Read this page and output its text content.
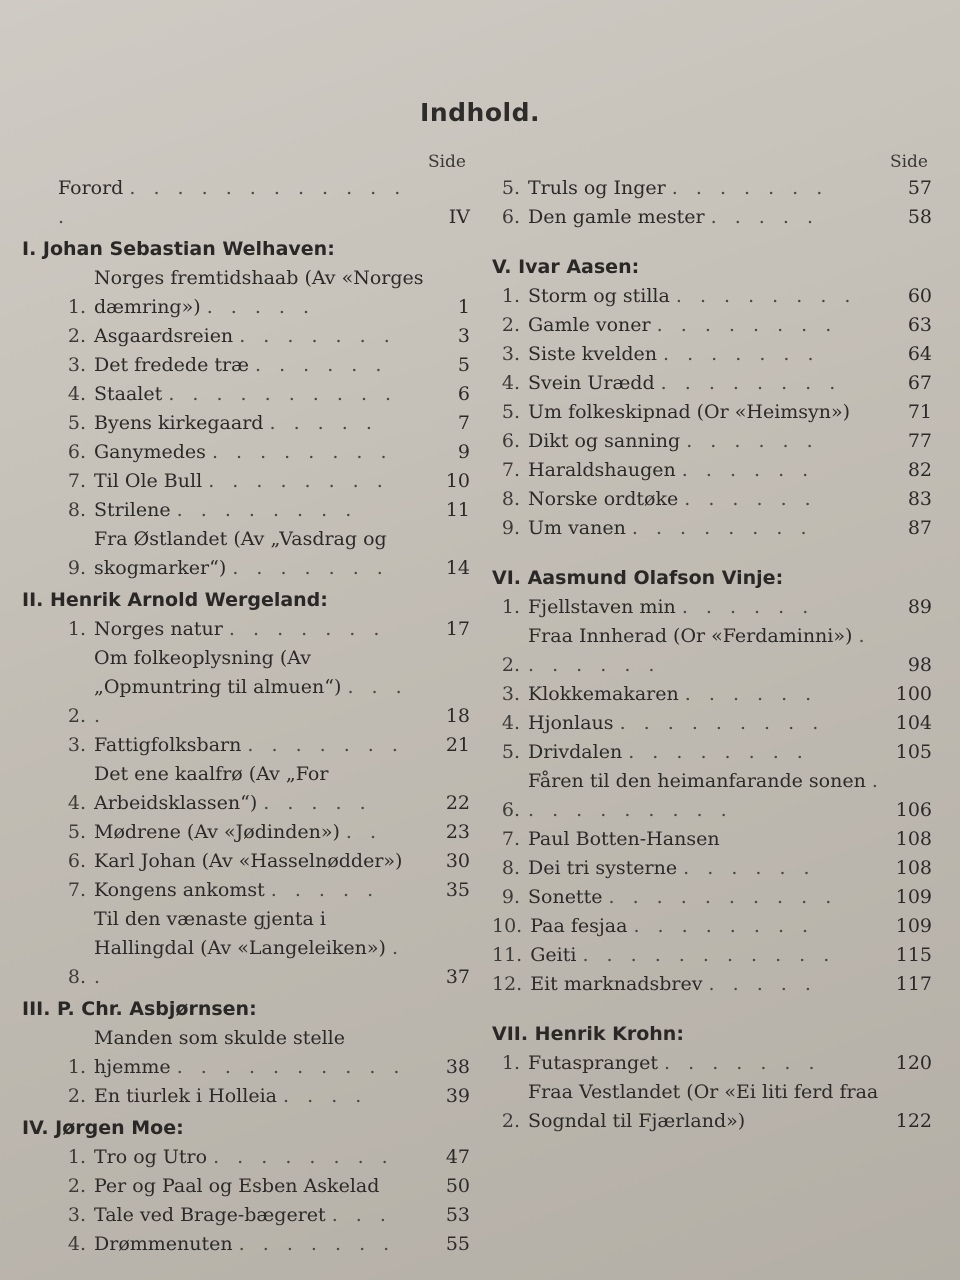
Indhold.
Side
Forord . . . . . . . . . . . . .	IV
I. Johan Sebastian Welhaven:
1.
Norges fremtidshaab (Av «Norges dæmring») . . . . .	1
2. Asgaardsreien . . . . . . .	3
3. Det fredede træ . . . . . .	5
4. Staalet . . . . . . . . . .	6
5. Byens kirkegaard . . . . .	7
6. Ganymedes . . . . . . . .	9
7. Til Ole Bull . . . . . . . .	10
8. Strilene . . . . . . . .	11
9.
Fra Østlandet (Av „Vasdrag og skogmarker“) . . . . . . .	14
II. Henrik Arnold Wergeland:
1. Norges natur . . . . . . .	17
2.
Om folkeoplysning (Av „Opmuntring til almuen“) . . . .	18
3. Fattigfolksbarn . . . . . . .	21
4.
Det ene kaalfrø (Av „For Arbeidsklassen“) . . . . .	22
5. Mødrene (Av «Jødinden») . .	23
6. Karl Johan (Av «Hasselnødder»)	30
7. Kongens ankomst . . . . .	35
8.
Til den vænaste gjenta i Hallingdal (Av «Langeleiken») . .	37
III. P. Chr. Asbjørnsen:
1.
Manden som skulde stelle hjemme . . . . . . . . . .	38
2. En tiurlek i Holleia . . . .	39
IV. Jørgen Moe:
1. Tro og Utro . . . . . . . .	47
2. Per og Paal og Esben Askelad	50
3. Tale ved Brage-bægeret . . .	53
4. Drømmenuten . . . . . . .	55
Side
5. Truls og Inger . . . . . . .	57
6. Den gamle mester . . . . .	58
V. Ivar Aasen:
1. Storm og stilla . . . . . . . .	60
2. Gamle voner . . . . . . . .	63
3. Siste kvelden . . . . . . .	64
4. Svein Urædd . . . . . . . .	67
5. Um folkeskipnad (Or «Heimsyn»)	71
6. Dikt og sanning . . . . . .	77
7. Haraldshaugen . . . . . .	82
8. Norske ordtøke . . . . . .	83
9. Um vanen . . . . . . . .	87
VI. Aasmund Olafson Vinje:
1. Fjellstaven min . . . . . .	89
2.
Fraa Innherad (Or «Ferdaminni») . . . . . . .	98
3. Klokkemakaren . . . . . .	100
4. Hjonlaus . . . . . . . . .	104
5. Drivdalen . . . . . . . .	105
6.
Fåren til den heimanfarande sonen . . . . . . . . . .	106
7. Paul Botten-Hansen	108
8. Dei tri systerne . . . . . .	108
9. Sonette . . . . . . . . . .	109
10. Paa fesjaa . . . . . . . .	109
11. Geiti . . . . . . . . . . .	115
12. Eit marknadsbrev . . . . .	117
VII. Henrik Krohn:
1. Futaspranget . . . . . . .	120
2.
Fraa Vestlandet (Or «Ei liti ferd fraa Sogndal til Fjærland»)	122
